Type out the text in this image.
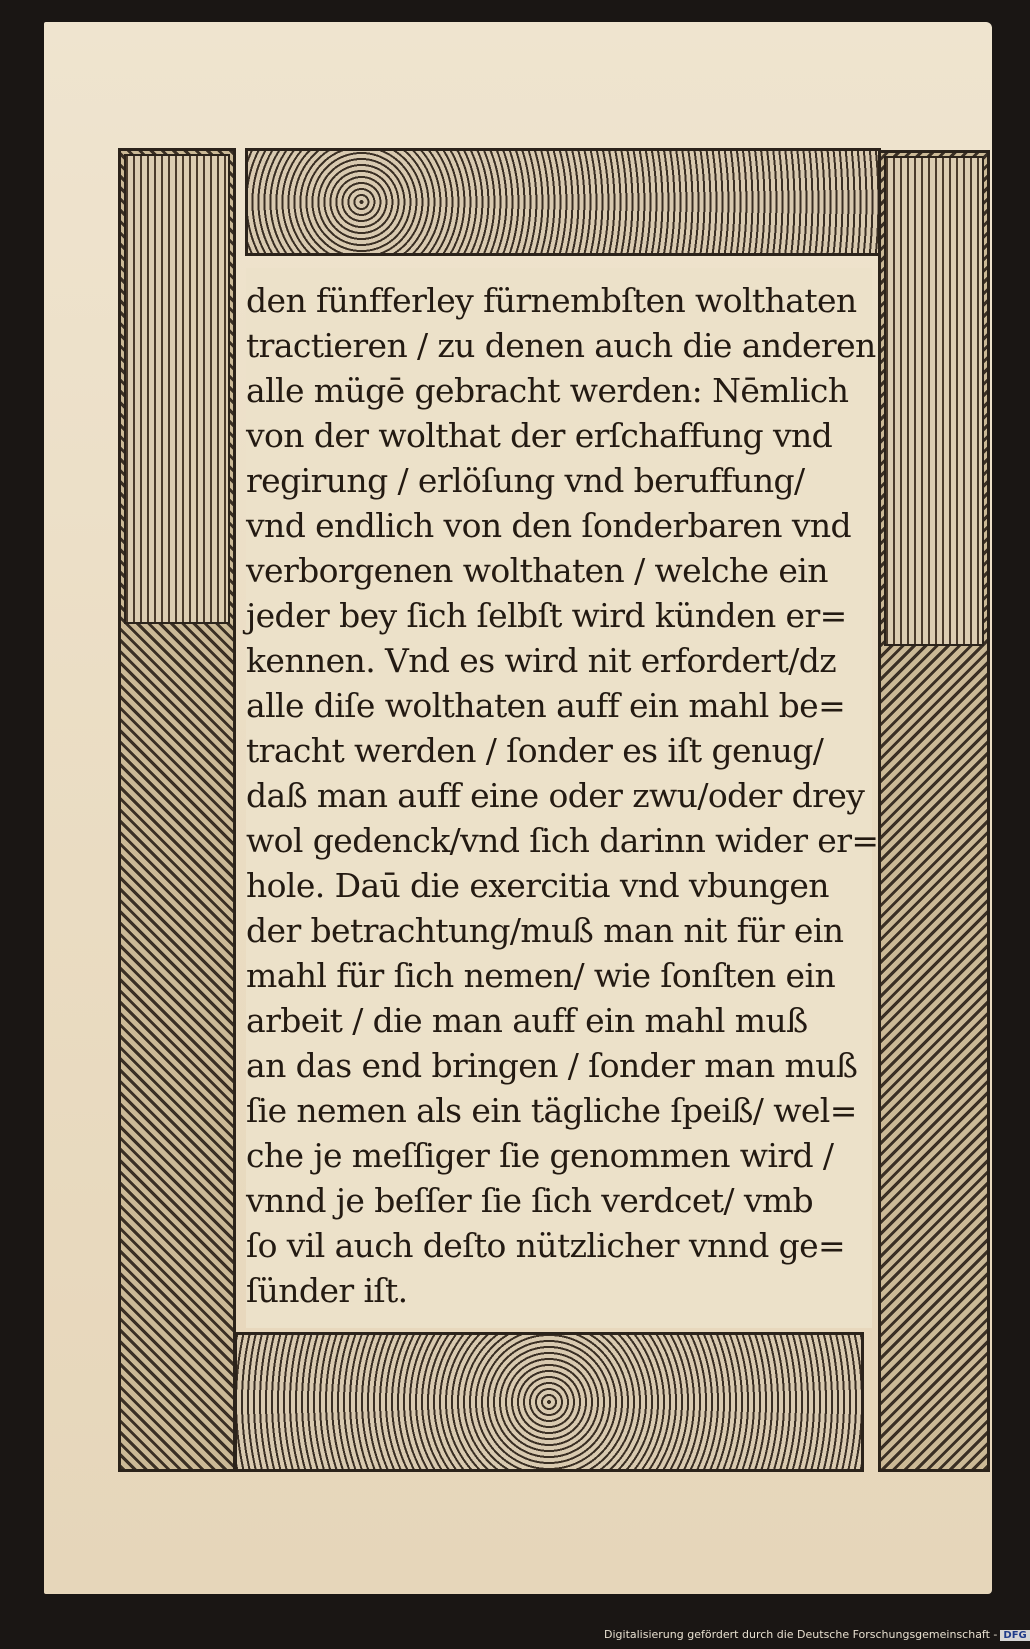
den fünfferley fürnembſten wolthaten
tractieren / zu denen auch die anderen
alle mügē gebracht werden: Nēmlich
von der wolthat der erſchaffung vnd
regirung / erlöſung vnd beruffung/
vnd endlich von den ſonderbaren vnd
verborgenen wolthaten / welche ein
jeder bey ſich ſelbſt wird künden er=
kennen. Vnd es wird nit erfordert/dz
alle diſe wolthaten auff ein mahl be=
tracht werden / ſonder es iſt genug/
daß man auff eine oder zwu/oder drey
wol gedenck/vnd ſich darinn wider er=
hole. Daū die exercitia vnd vbungen
der betrachtung/muß man nit für ein
mahl für ſich nemen/ wie ſonſten ein
arbeit / die man auff ein mahl muß
an das end bringen / ſonder man muß
ſie nemen als ein tägliche ſpeiß/ wel=
che je meſſiger ſie genommen wird /
vnnd je beſſer ſie ſich verdcet/ vmb
ſo vil auch deſto nützlicher vnnd ge=
ſünder iſt.
Digitalisierung gefördert durch die Deutsche Forschungsgemeinschaft - DFG
